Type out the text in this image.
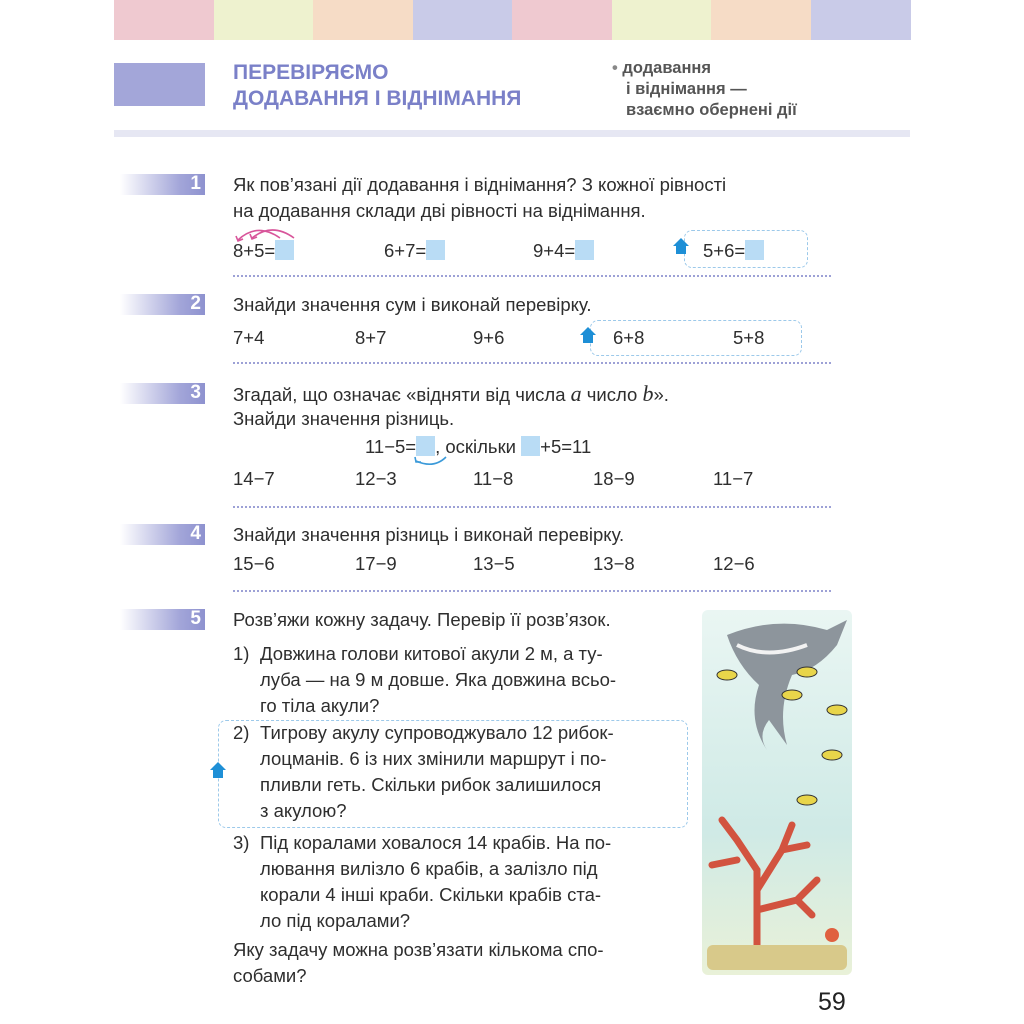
ПЕРЕВІРЯЄМО
ДОДАВАННЯ І ВІДНІМАННЯ
• додавання
і віднімання —
взаємно обернені дії
1 Як пов’язані дії додавання і віднімання? З кожної рівності
на додавання склади дві рівності на віднімання.
8+5=	6+7=	9+4=	5+6=
2 Знайди значення сум і виконай перевірку.
7+4	8+7	9+6	6+8	5+8
3 Згадай, що означає «відняти від числа a число b».
Знайди значення різниць.
11−5= , оскільки +5=11
14−7	12−3	11−8	18−9	11−7
4 Знайди значення різниць і виконай перевірку.
15−6	17−9	13−5	13−8	12−6
5 Розв’яжи кожну задачу. Перевір її розв’язок.
1) Довжина голови китової акули 2 м, а ту-
луба — на 9 м довше. Яка довжина всьо-
го тіла акули?
2) Тигрову акулу супроводжувало 12 рибок-
лоцманів. 6 із них змінили маршрут і по-
пливли геть. Скільки рибок залишилося
з акулою?
3) Під коралами ховалося 14 крабів. На по-
лювання вилізло 6 крабів, а залізло під
корали 4 інші краби. Скільки крабів ста-
ло під коралами?
Яку задачу можна розв’язати кількома спо-
собами?
59
